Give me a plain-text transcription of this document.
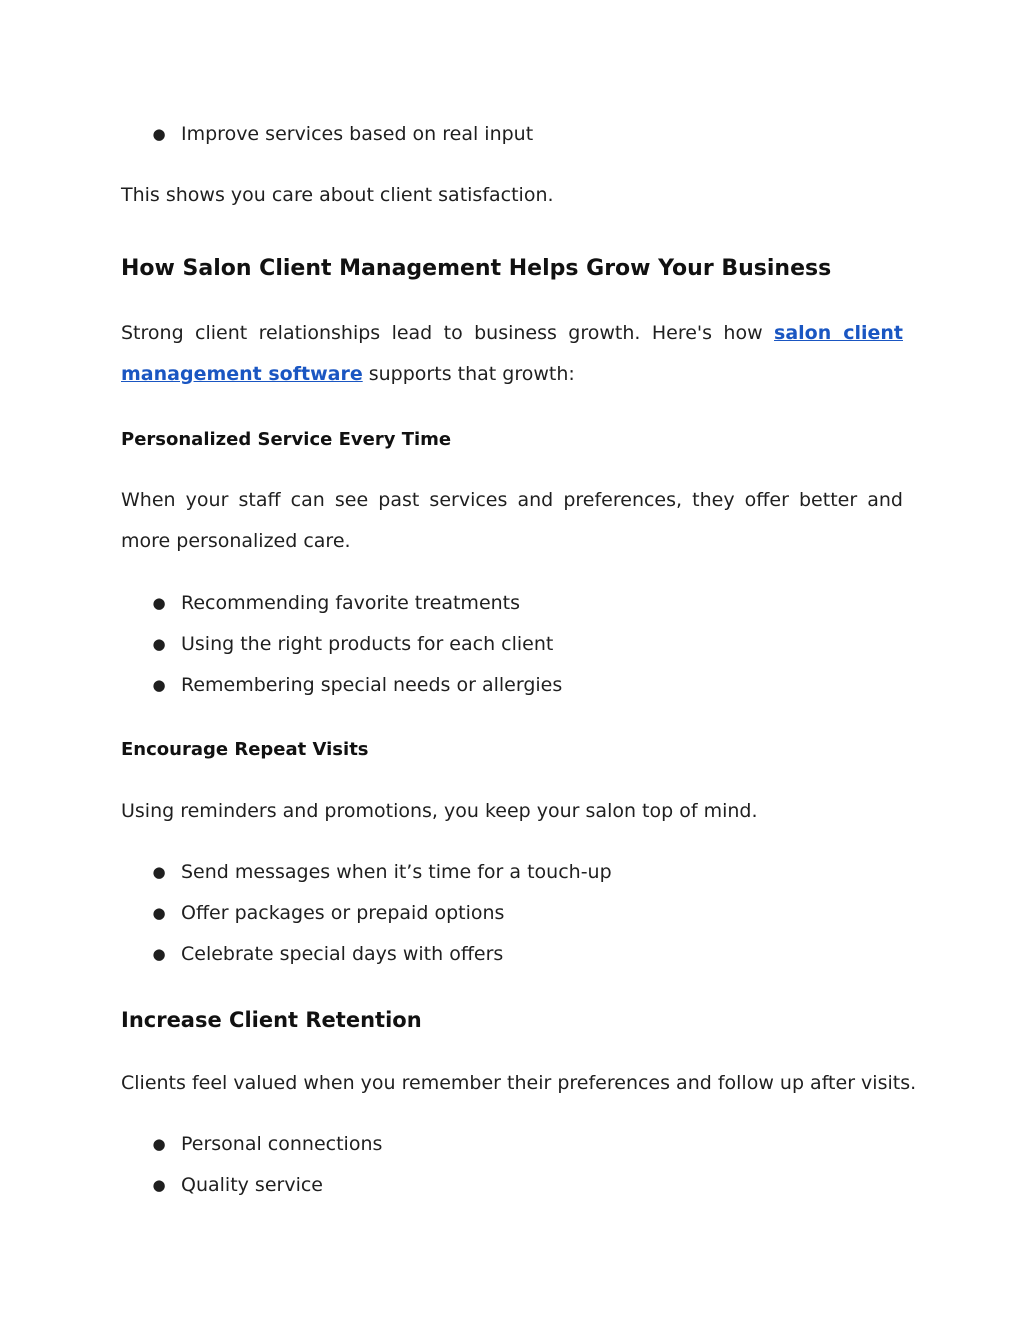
● Improve services based on real input
This shows you care about client satisfaction.
How Salon Client Management Helps Grow Your Business
Strong client relationships lead to business growth. Here's how salon client management software supports that growth:
Personalized Service Every Time
When your staff can see past services and preferences, they offer better and more personalized care.
● Recommending favorite treatments
● Using the right products for each client
● Remembering special needs or allergies
Encourage Repeat Visits
Using reminders and promotions, you keep your salon top of mind.
● Send messages when it’s time for a touch-up
● Offer packages or prepaid options
● Celebrate special days with offers
Increase Client Retention
Clients feel valued when you remember their preferences and follow up after visits.
● Personal connections
● Quality service
